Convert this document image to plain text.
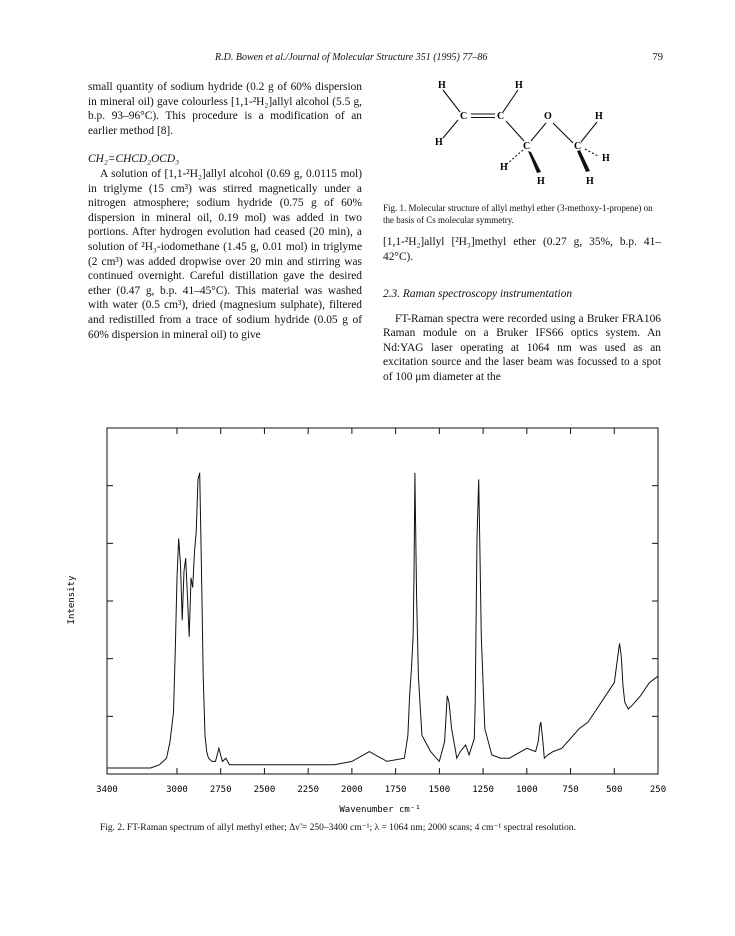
R.D. Bowen et al./Journal of Molecular Structure 351 (1995) 77–86	79

small quantity of sodium hydride (0.2 g of 60% dispersion in mineral oil) gave colourless [1,1-²H₂]allyl alcohol (5.5 g, b.p. 93–96°C). This procedure is a modification of an earlier method [8].

CH₂=CHCD₂OCD₃

A solution of [1,1-²H₂]allyl alcohol (0.69 g, 0.0115 mol) in triglyme (15 cm³) was stirred magnetically under a nitrogen atmosphere; sodium hydride (0.75 g of 60% dispersion in mineral oil, 0.19 mol) was added in two portions. After hydrogen evolution had ceased (20 min), a solution of ²H₃-iodomethane (1.45 g, 0.01 mol) in triglyme (2 cm³) was added dropwise over 20 min and stirring was continued overnight. Careful distillation gave the desired ether (0.47 g, b.p. 41–45°C). This material was washed with water (0.5 cm³), dried (magnesium sulphate), filtered and redistilled from a trace of sodium hydride (0.05 g of 60% dispersion in mineral oil) to give

H	H
C	C	O	H
H	C	C
H
H
H	H
Fig. 1. Molecular structure of allyl methyl ether (3-methoxy-1-propene) on the basis of Cs molecular symmetry.

[1,1-²H₂]allyl [²H₃]methyl ether (0.27 g, 35%, b.p. 41–42°C).

2.3. Raman spectroscopy instrumentation

FT-Raman spectra were recorded using a Bruker FRA106 Raman module on a Bruker IFS66 optics system. An Nd:YAG laser operating at 1064 nm was used as an excitation source and the laser beam was focussed to a spot of 100 μm diameter at the

3400	3000 2750 2500 2250 2000 1750 1500 1250 1000	750	500	250
Wavenumber cm⁻¹
Intensity
Fig. 2. FT-Raman spectrum of allyl methyl ether; Δν̃ = 250–3400 cm⁻¹; λ = 1064 nm; 2000 scans; 4 cm⁻¹ spectral resolution.
